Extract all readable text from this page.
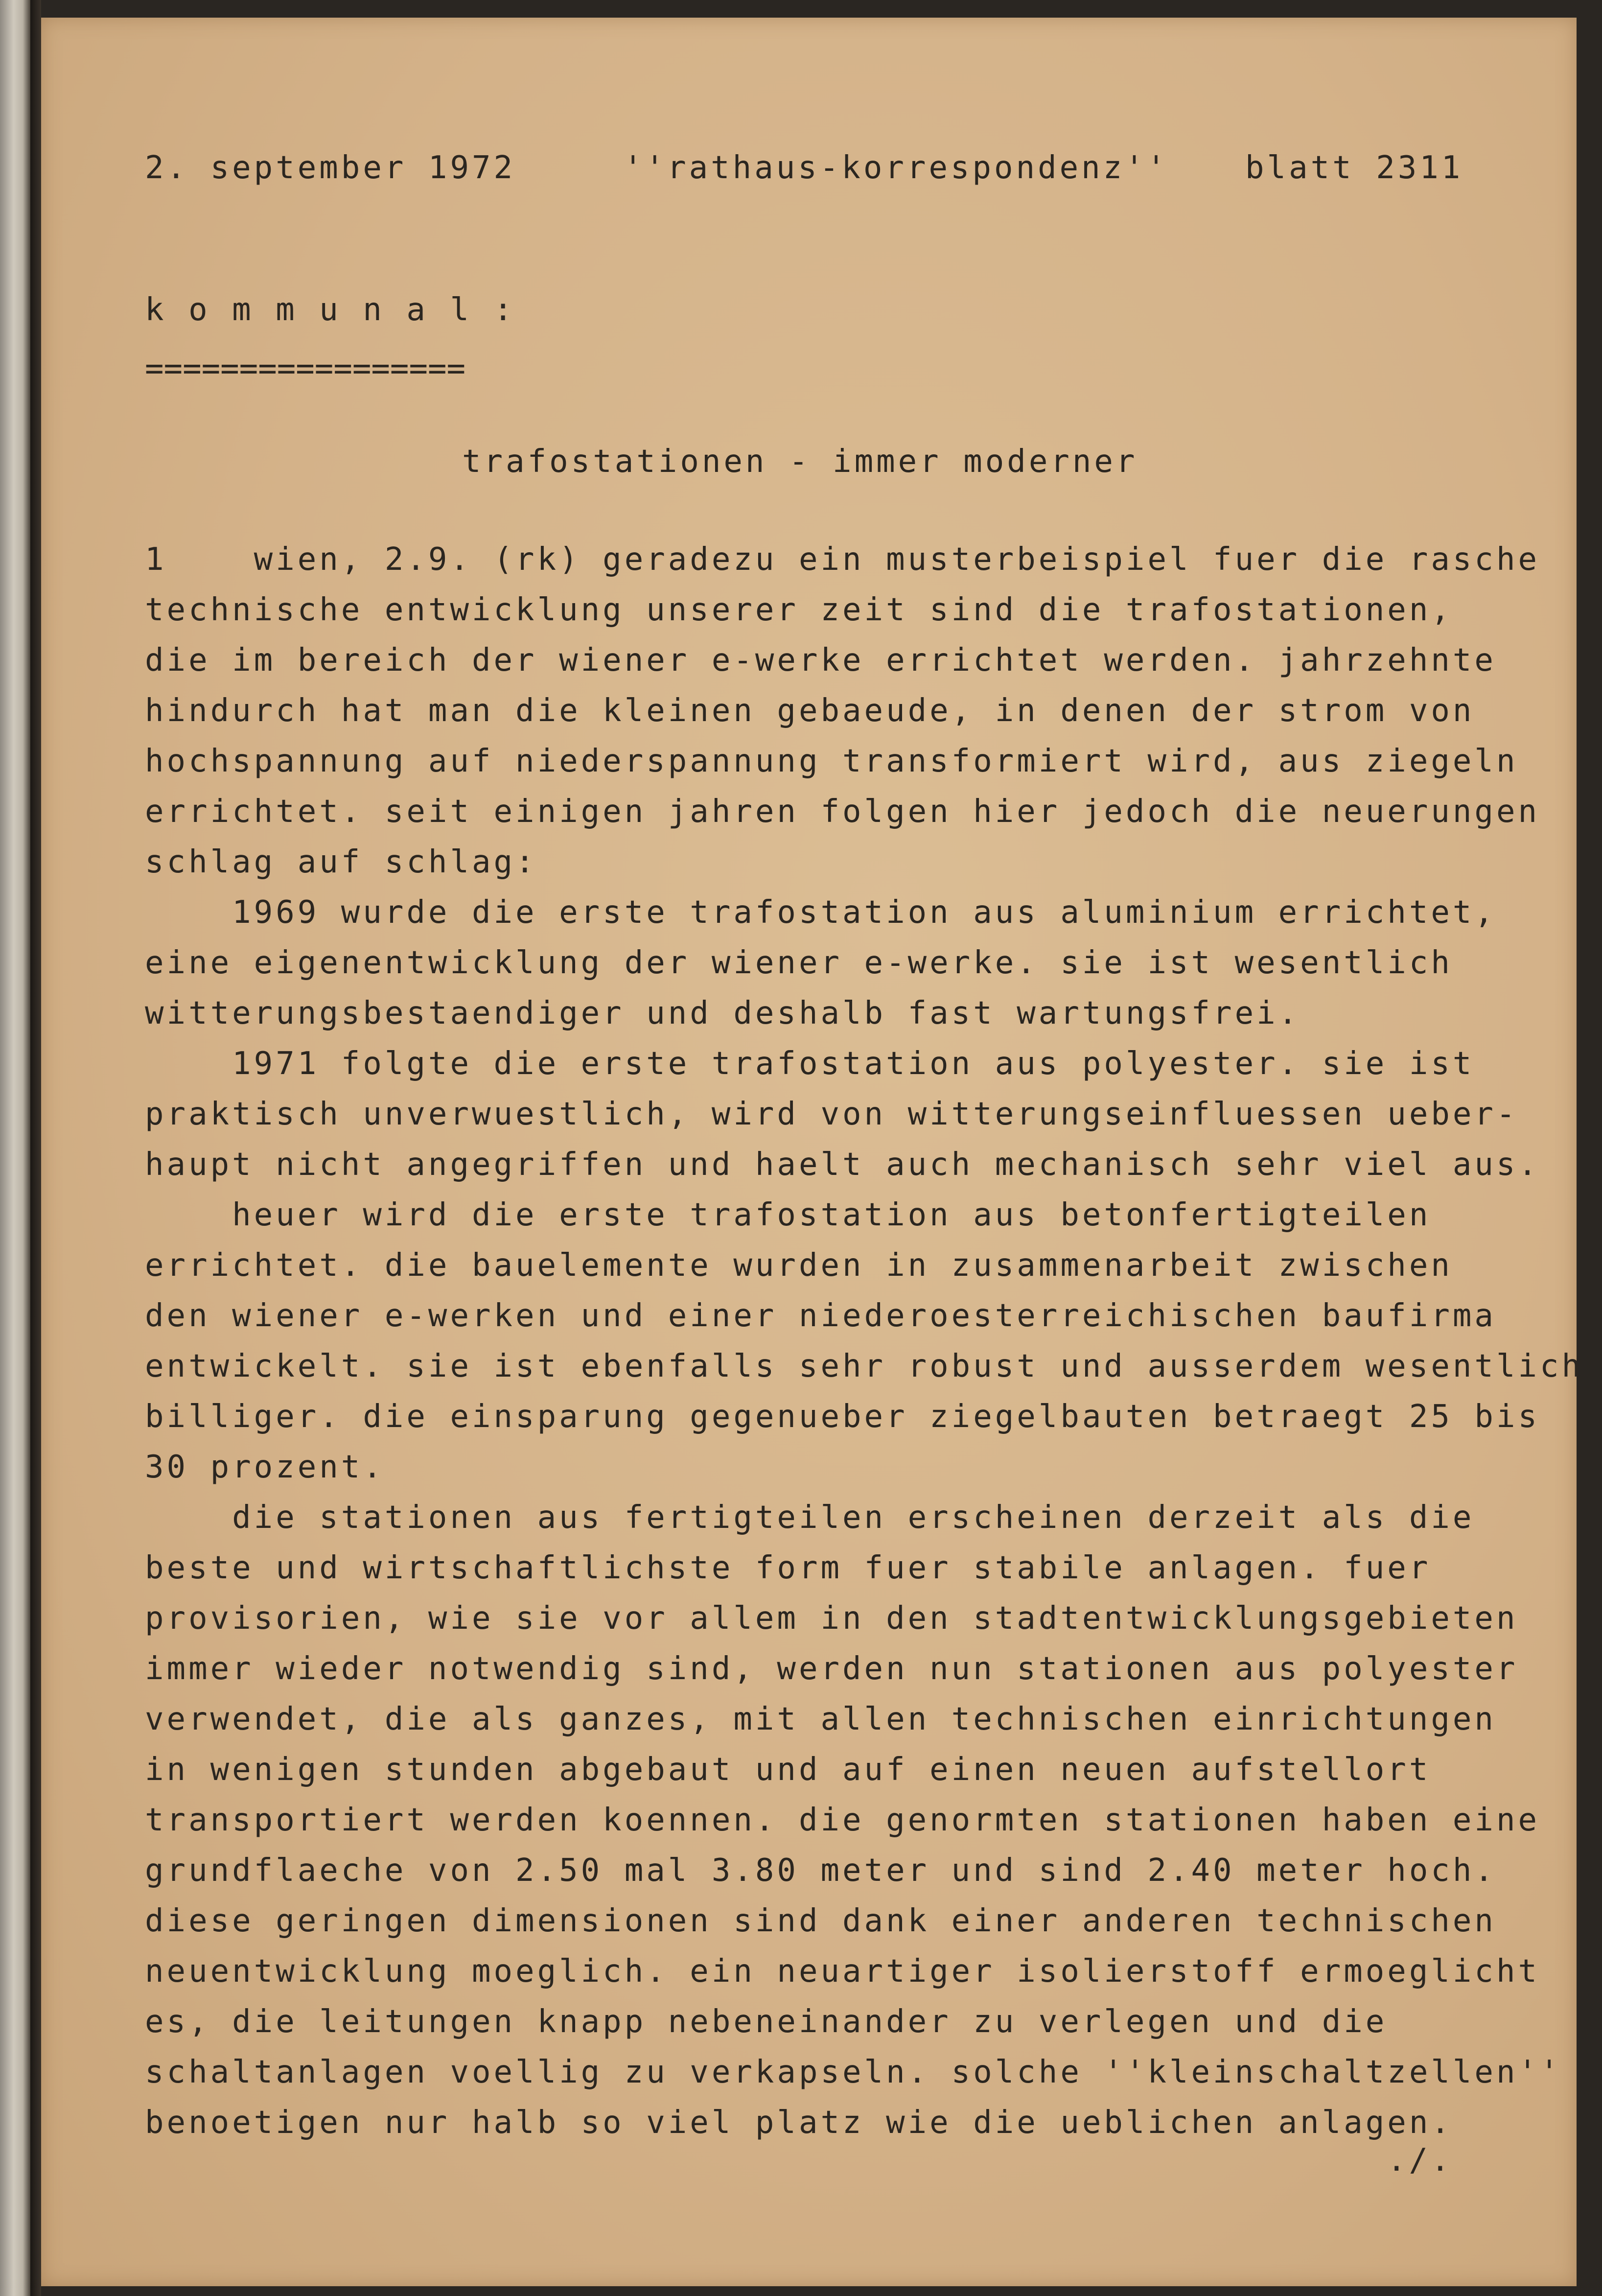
2. september 1972	''rathaus-korrespondenz'' blatt 2311
k o m m u n a l :
=================
trafostationen - immer moderner
1    wien, 2.9. (rk) geradezu ein musterbeispiel fuer die rasche
technische entwicklung unserer zeit sind die trafostationen,
die im bereich der wiener e-werke errichtet werden. jahrzehnte
hindurch hat man die kleinen gebaeude, in denen der strom von
hochspannung auf niederspannung transformiert wird, aus ziegeln
errichtet. seit einigen jahren folgen hier jedoch die neuerungen
schlag auf schlag:
1969 wurde die erste trafostation aus aluminium errichtet,
eine eigenentwicklung der wiener e-werke. sie ist wesentlich
witterungsbestaendiger und deshalb fast wartungsfrei.
1971 folgte die erste trafostation aus polyester. sie ist
praktisch unverwuestlich, wird von witterungseinfluessen ueber-
haupt nicht angegriffen und haelt auch mechanisch sehr viel aus.
heuer wird die erste trafostation aus betonfertigteilen
errichtet. die bauelemente wurden in zusammenarbeit zwischen
den wiener e-werken und einer niederoesterreichischen baufirma
entwickelt. sie ist ebenfalls sehr robust und ausserdem wesentlich
billiger. die einsparung gegenueber ziegelbauten betraegt 25 bis
30 prozent.
die stationen aus fertigteilen erscheinen derzeit als die
beste und wirtschaftlichste form fuer stabile anlagen. fuer
provisorien, wie sie vor allem in den stadtentwicklungsgebieten
immer wieder notwendig sind, werden nun stationen aus polyester
verwendet, die als ganzes, mit allen technischen einrichtungen
in wenigen stunden abgebaut und auf einen neuen aufstellort
transportiert werden koennen. die genormten stationen haben eine
grundflaeche von 2.50 mal 3.80 meter und sind 2.40 meter hoch.
diese geringen dimensionen sind dank einer anderen technischen
neuentwicklung moeglich. ein neuartiger isolierstoff ermoeglicht
es, die leitungen knapp nebeneinander zu verlegen und die
schaltanlagen voellig zu verkapseln. solche ''kleinschaltzellen''
benoetigen nur halb so viel platz wie die ueblichen anlagen.
./.
